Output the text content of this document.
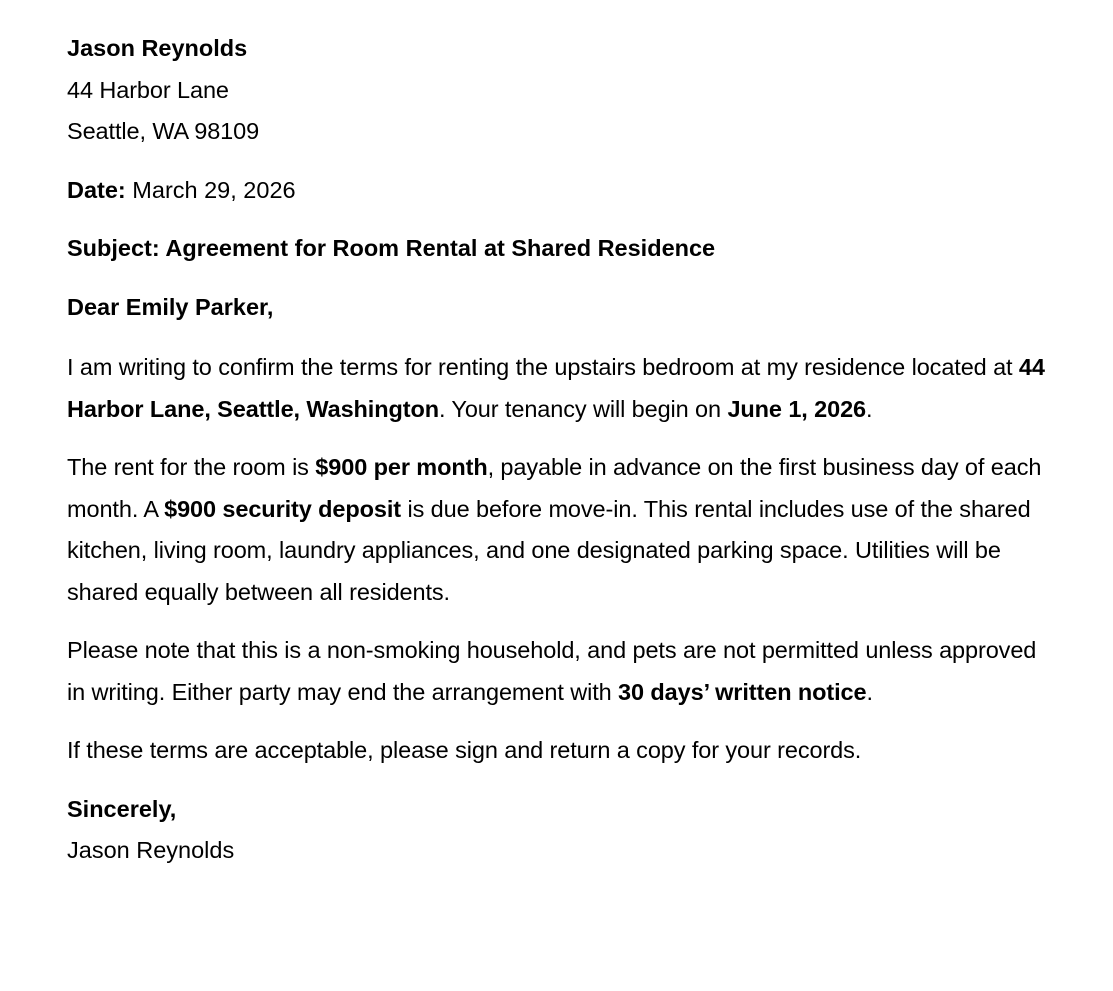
Jason Reynolds
44 Harbor Lane
Seattle, WA 98109
Date: March 29, 2026
Subject: Agreement for Room Rental at Shared Residence
Dear Emily Parker,
I am writing to confirm the terms for renting the upstairs bedroom at my residence located at 44 Harbor Lane, Seattle, Washington. Your tenancy will begin on June 1, 2026.
The rent for the room is $900 per month, payable in advance on the first business day of each month. A $900 security deposit is due before move-in. This rental includes use of the shared kitchen, living room, laundry appliances, and one designated parking space. Utilities will be shared equally between all residents.
Please note that this is a non-smoking household, and pets are not permitted unless approved in writing. Either party may end the arrangement with 30 days’ written notice.
If these terms are acceptable, please sign and return a copy for your records.
Sincerely,
Jason Reynolds
